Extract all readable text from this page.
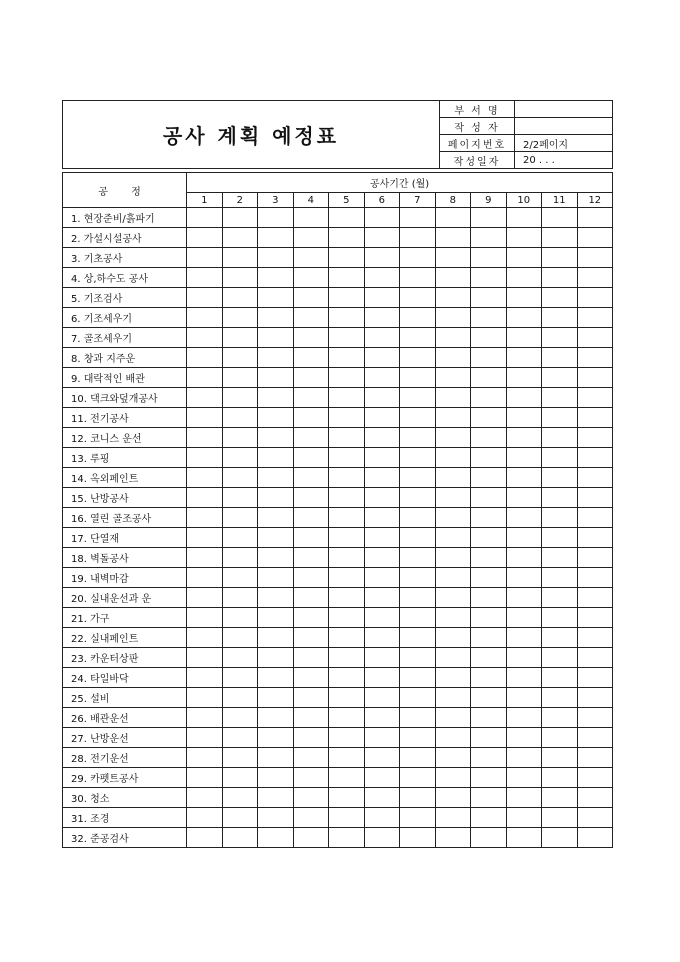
공사 계획 예정표	부 서 명	
	작 성 자	
	페이지번호	2/2페이지
	작성일자	20 . . .
공 정	공사기간 (월)											
	1	2	3	4	5	6	7	8	9	10	11	12
1. 현장준비/흙파기												
2. 가설시설공사												
3. 기초공사												
4. 상,하수도 공사												
5. 기조검사												
6. 기조세우기												
7. 골조세우기												
8. 창과 지주운												
9. 대락적인 배관												
10. 댁크와덮개공사												
11. 전기공사												
12. 코니스 운선												
13. 루핑												
14. 옥외페인트												
15. 난방공사												
16. 열린 골조공사												
17. 단열재												
18. 벽돌공사												
19. 내벽마감												
20. 실내운선과 운												
21. 가구												
22. 실내페인트												
23. 카운터상판												
24. 타일바닥												
25. 설비												
26. 배관운선												
27. 난방운선												
28. 전기운선												
29. 카펫트공사												
30. 청소												
31. 조경												
32. 준공검사												
